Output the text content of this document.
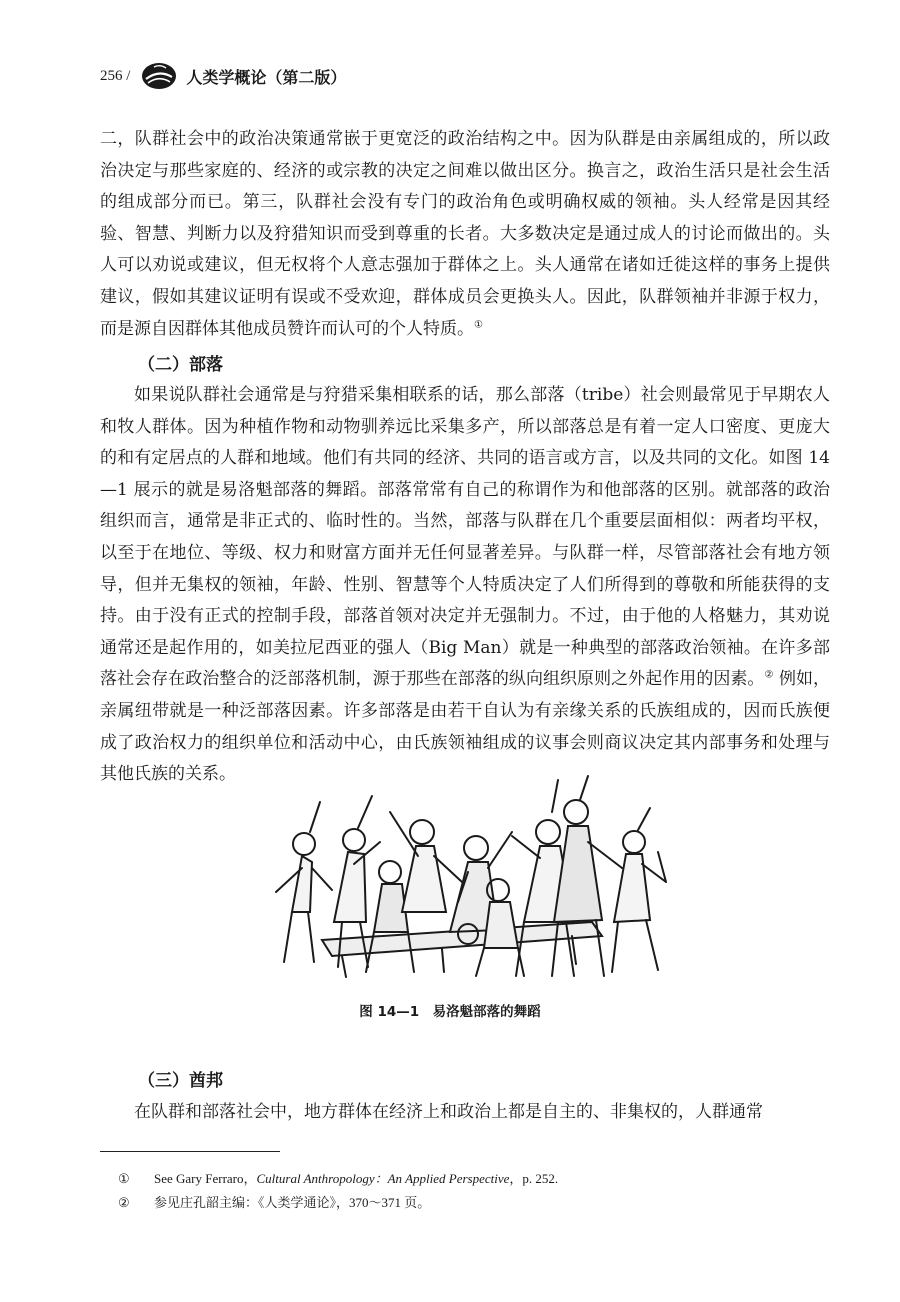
256 /	人类学概论（第二版）

二，队群社会中的政治决策通常嵌于更宽泛的政治结构之中。因为队群是由亲属组成的，所以政治决定与那些家庭的、经济的或宗教的决定之间难以做出区分。换言之，政治生活只是社会生活的组成部分而已。第三，队群社会没有专门的政治角色或明确权威的领袖。头人经常是因其经验、智慧、判断力以及狩猎知识而受到尊重的长者。大多数决定是通过成人的讨论而做出的。头人可以劝说或建议，但无权将个人意志强加于群体之上。头人通常在诸如迁徙这样的事务上提供建议，假如其建议证明有误或不受欢迎，群体成员会更换头人。因此，队群领袖并非源于权力，而是源自因群体其他成员赞许而认可的个人特质。①

（二）部落

如果说队群社会通常是与狩猎采集相联系的话，那么部落（tribe）社会则最常见于早期农人和牧人群体。因为种植作物和动物驯养远比采集多产，所以部落总是有着一定人口密度、更庞大的和有定居点的人群和地域。他们有共同的经济、共同的语言或方言，以及共同的文化。如图 14—1 展示的就是易洛魁部落的舞蹈。部落常常有自己的称谓作为和他部落的区别。就部落的政治组织而言，通常是非正式的、临时性的。当然，部落与队群在几个重要层面相似：两者均平权，以至于在地位、等级、权力和财富方面并无任何显著差异。与队群一样，尽管部落社会有地方领导，但并无集权的领袖，年龄、性别、智慧等个人特质决定了人们所得到的尊敬和所能获得的支持。由于没有正式的控制手段，部落首领对决定并无强制力。不过，由于他的人格魅力，其劝说通常还是起作用的，如美拉尼西亚的强人（Big Man）就是一种典型的部落政治领袖。在许多部落社会存在政治整合的泛部落机制，源于那些在部落的纵向组织原则之外起作用的因素。② 例如，亲属纽带就是一种泛部落因素。许多部落是由若干自认为有亲缘关系的氏族组成的，因而氏族便成了政治权力的组织单位和活动中心，由氏族领袖组成的议事会则商议决定其内部事务和处理与其他氏族的关系。

图 14—1　易洛魁部落的舞蹈
（三）酋邦

在队群和部落社会中，地方群体在经济上和政治上都是自主的、非集权的，人群通常

① See Gary Ferraro，Cultural Anthropology：An Applied Perspective，p. 252.
② 参见庄孔韶主编：《人类学通论》，370～371 页。
